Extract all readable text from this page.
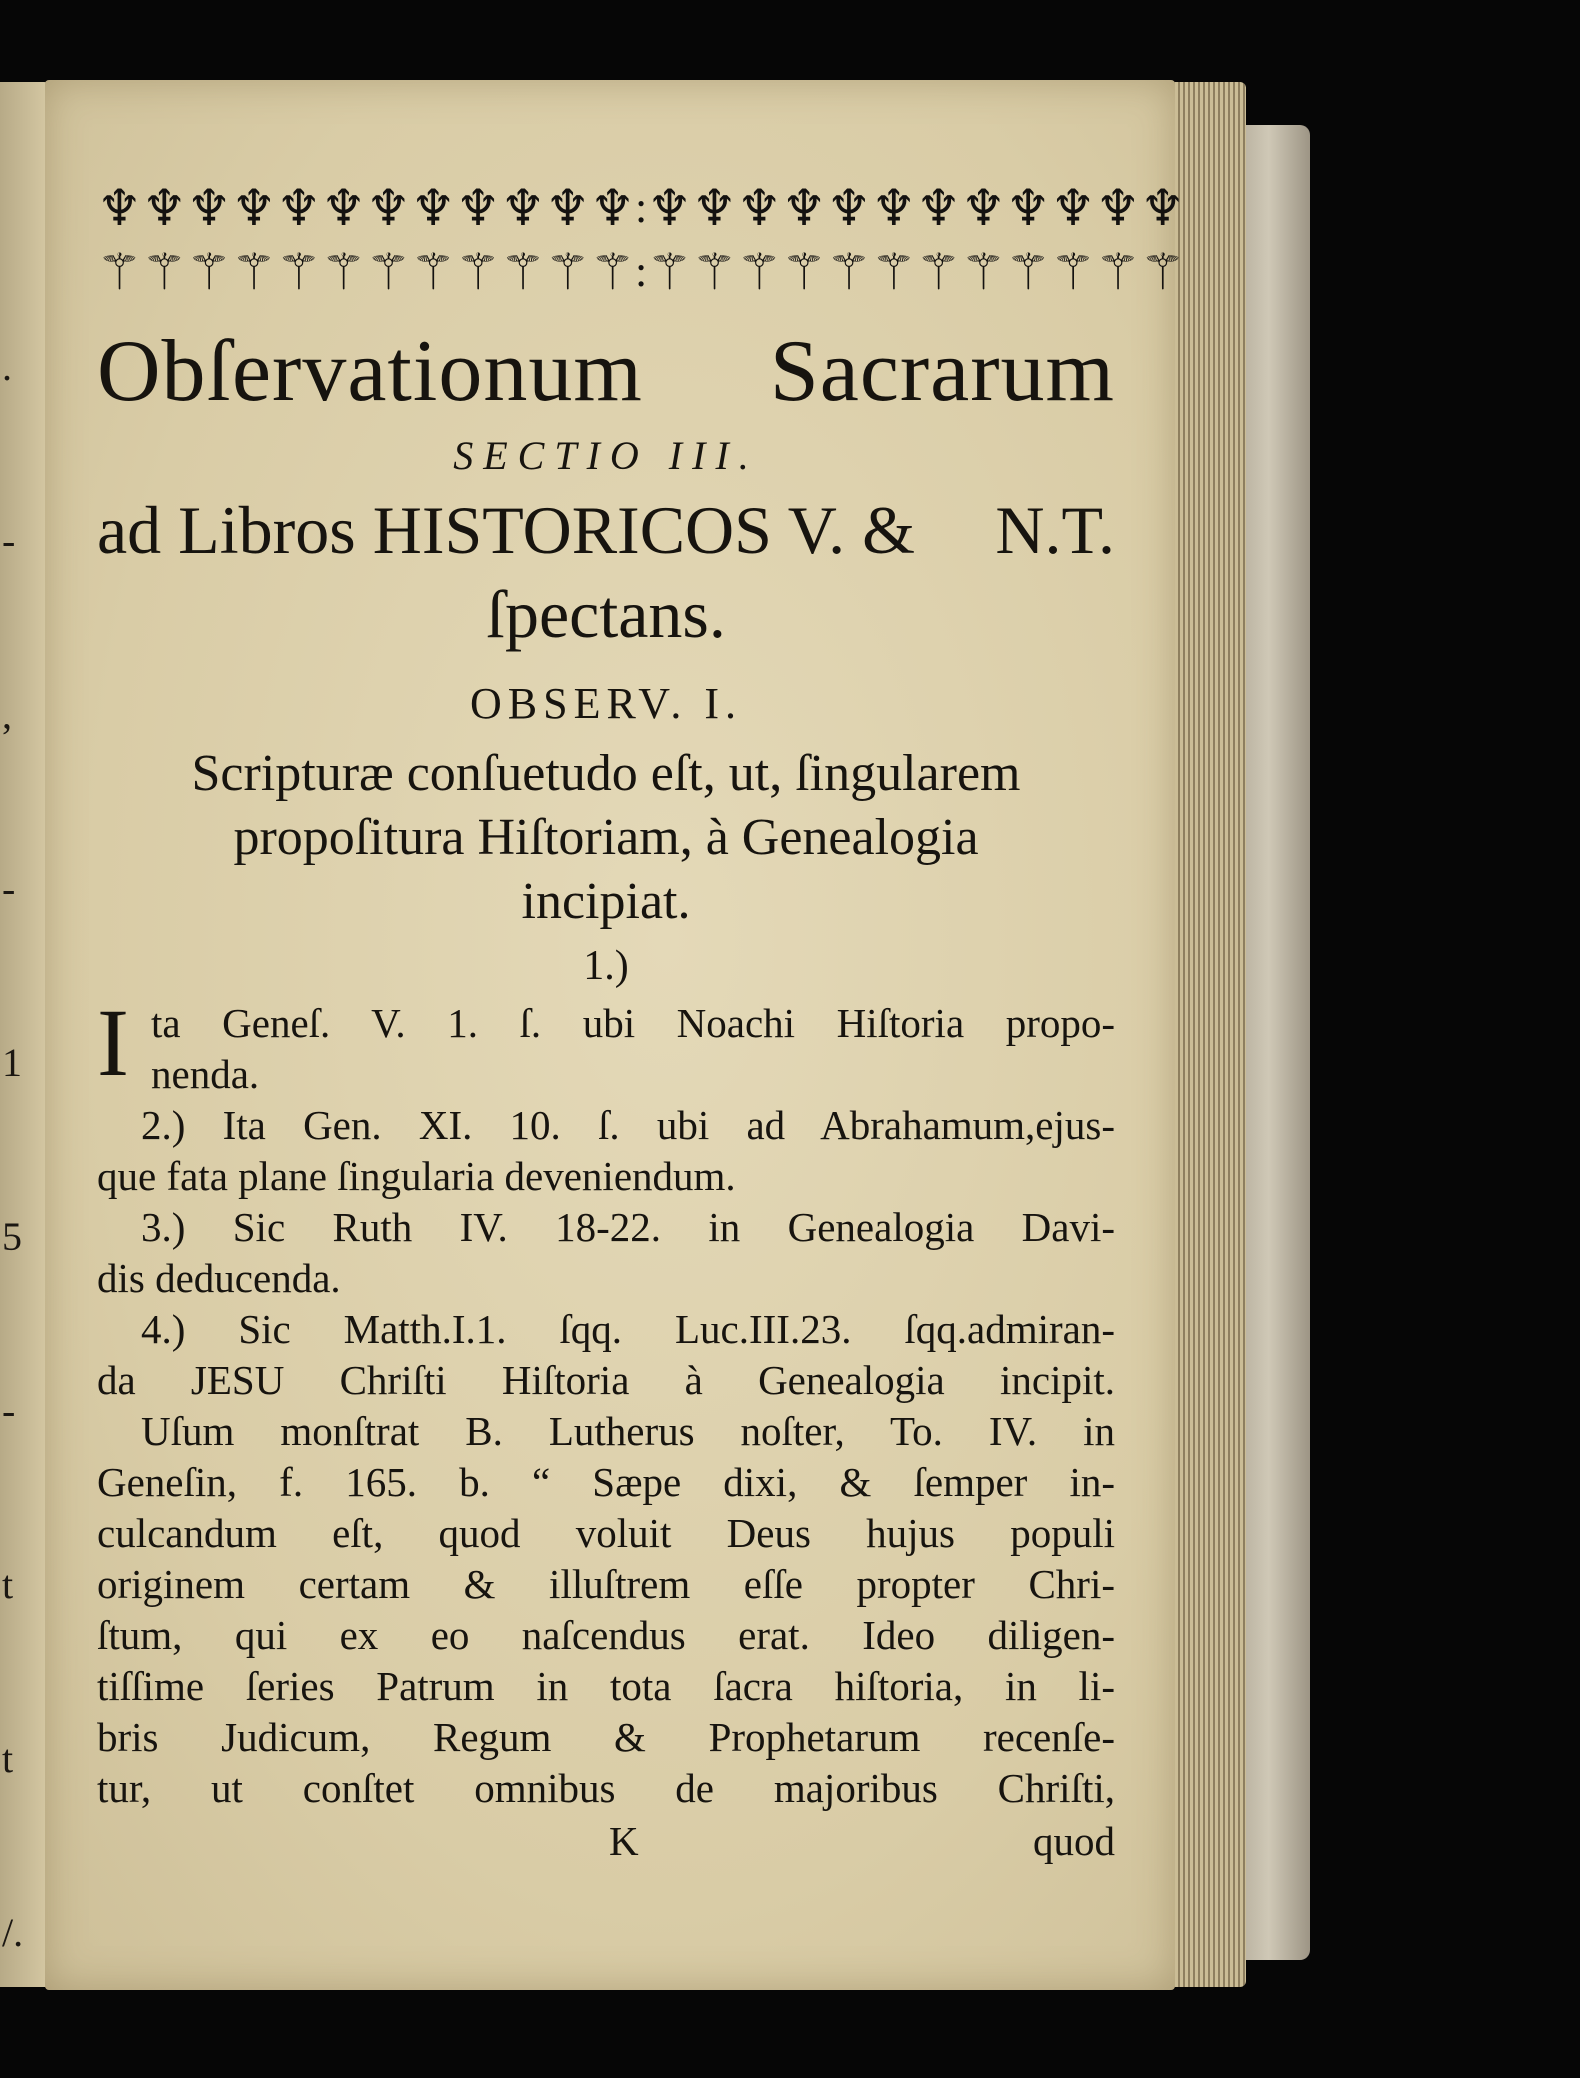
.

-

,

-

1

5

-

t

t

/.

♆
⚚
♆
⚚
♆
⚚
♆
⚚
♆
⚚
♆
⚚
♆
⚚
♆
⚚
♆
⚚
♆
⚚
♆
⚚
♆
⚚
:
:
♆
⚚
♆
⚚
♆
⚚
♆
⚚
♆
⚚
♆
⚚
♆
⚚
♆
⚚
♆
⚚
♆
⚚
♆
⚚
♆
⚚
Obſervationum Sacrarum
SECTIO III.
ad Libros HISTORICOS V. & N.T.
ſpectans.
OBSERV. I.
Scripturæ conſuetudo eſt, ut, ſingularem
propoſitura Hiſtoriam, à Genealogia
incipiat.
1.)
I ta Geneſ. V. 1. ſ. ubi Noachi Hiſtoria propo-
nenda.
2.) Ita Gen. XI. 10. ſ. ubi ad Abrahamum,ejus-
que fata plane ſingularia deveniendum.
3.) Sic Ruth IV. 18-22. in Genealogia Davi-
dis deducenda.
4.) Sic Matth.I.1. ſqq. Luc.III.23. ſqq.admiran-
da JESU Chriſti Hiſtoria à Genealogia incipit.
Uſum monſtrat B. Lutherus noſter, To. IV. in
Geneſin, f. 165. b. “ Sæpe dixi, & ſemper in-
culcandum eſt, quod voluit Deus hujus populi
originem certam & illuſtrem eſſe propter Chri-
ſtum, qui ex eo naſcendus erat. Ideo diligen-
tiſſime ſeries Patrum in tota ſacra hiſtoria, in li-
bris Judicum, Regum & Prophetarum recenſe-
tur, ut conſtet omnibus de majoribus Chriſti,
K	quod
